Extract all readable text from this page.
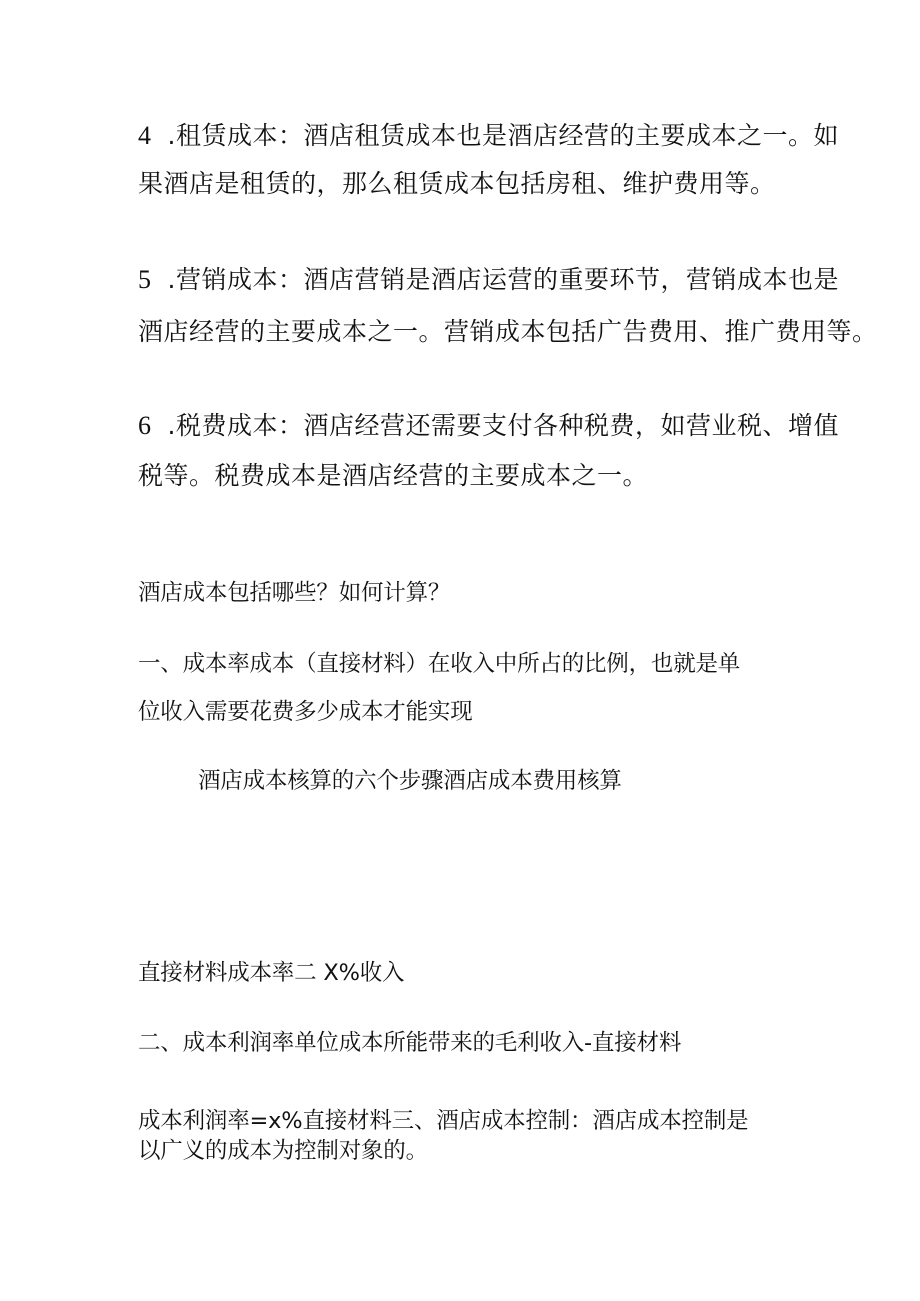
4 .租赁成本：酒店租赁成本也是酒店经营的主要成本之一。如

果酒店是租赁的，那么租赁成本包括房租、维护费用等。

5 .营销成本：酒店营销是酒店运营的重要环节，营销成本也是

酒店经营的主要成本之一。营销成本包括广告费用、推广费用等。

6 .税费成本：酒店经营还需要支付各种税费，如营业税、增值

税等。税费成本是酒店经营的主要成本之一。

酒店成本包括哪些？如何计算？

一、成本率成本（直接材料）在收入中所占的比例，也就是单

位收入需要花费多少成本才能实现

酒店成本核算的六个步骤酒店成本费用核算

直接材料成本率二 X%收入

二、成本利润率单位成本所能带来的毛利收入-直接材料

成本利润率=x%直接材料三、酒店成本控制：酒店成本控制是

以广义的成本为控制对象的。
